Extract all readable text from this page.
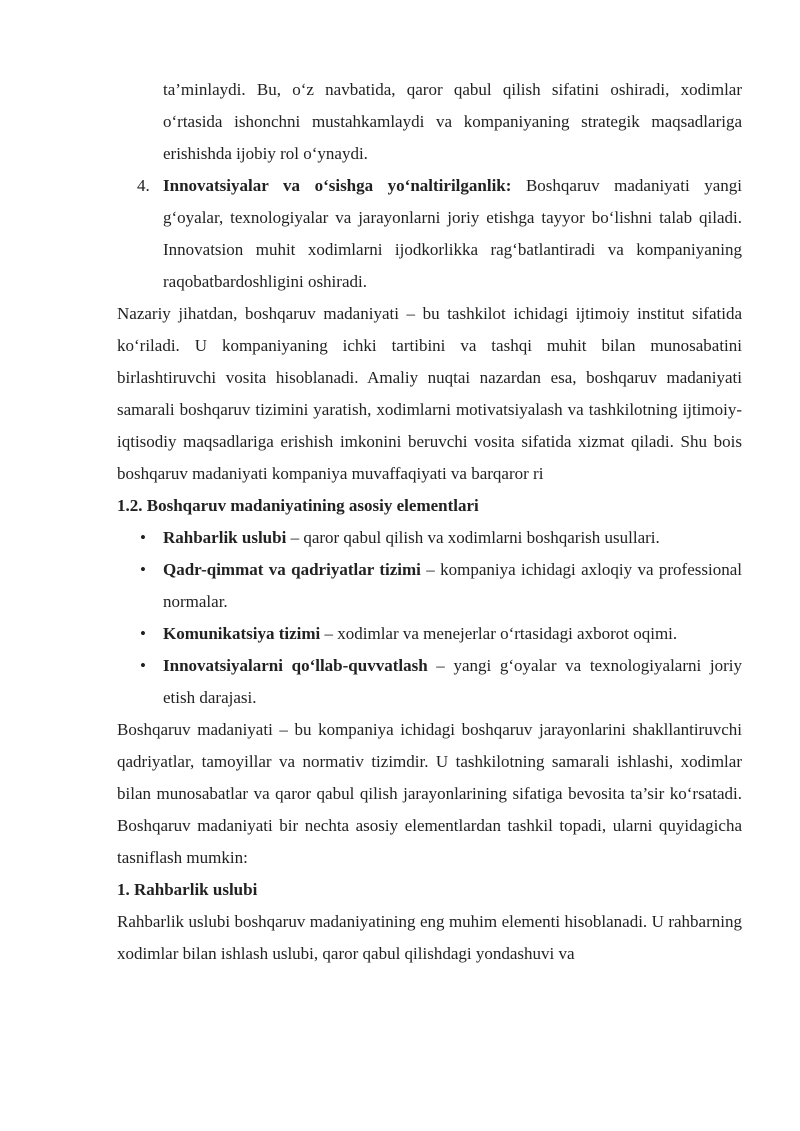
ta’minlaydi. Bu, o‘z navbatida, qaror qabul qilish sifatini oshiradi, xodimlar o‘rtasida ishonchni mustahkamlaydi va kompaniyaning strategik maqsadlariga erishishda ijobiy rol o‘ynaydi.

4. Innovatsiyalar va o‘sishga yo‘naltirilganlik: Boshqaruv madaniyati yangi g‘oyalar, texnologiyalar va jarayonlarni joriy etishga tayyor bo‘lishni talab qiladi. Innovatsion muhit xodimlarni ijodkorlikka rag‘batlantiradi va kompaniyaning raqobatbardoshligini oshiradi.

Nazariy jihatdan, boshqaruv madaniyati – bu tashkilot ichidagi ijtimoiy institut sifatida ko‘riladi. U kompaniyaning ichki tartibini va tashqi muhit bilan munosabatini birlashtiruvchi vosita hisoblanadi. Amaliy nuqtai nazardan esa, boshqaruv madaniyati samarali boshqaruv tizimini yaratish, xodimlarni motivatsiyalash va tashkilotning ijtimoiy-iqtisodiy maqsadlariga erishish imkonini beruvchi vosita sifatida xizmat qiladi. Shu bois boshqaruv madaniyati kompaniya muvaffaqiyati va barqaror ri

1.2. Boshqaruv madaniyatining asosiy elementlari
• Rahbarlik uslubi – qaror qabul qilish va xodimlarni boshqarish usullari.
• Qadr-qimmat va qadriyatlar tizimi – kompaniya ichidagi axloqiy va professional normalar.
• Komunikatsiya tizimi – xodimlar va menejerlar o‘rtasidagi axborot oqimi.
• Innovatsiyalarni qo‘llab-quvvatlash – yangi g‘oyalar va texnologiyalarni joriy etish darajasi.

Boshqaruv madaniyati – bu kompaniya ichidagi boshqaruv jarayonlarini shakllantiruvchi qadriyatlar, tamoyillar va normativ tizimdir. U tashkilotning samarali ishlashi, xodimlar bilan munosabatlar va qaror qabul qilish jarayonlarining sifatiga bevosita ta’sir ko‘rsatadi. Boshqaruv madaniyati bir nechta asosiy elementlardan tashkil topadi, ularni quyidagicha tasniflash mumkin:

1. Rahbarlik uslubi

Rahbarlik uslubi boshqaruv madaniyatining eng muhim elementi hisoblanadi. U rahbarning xodimlar bilan ishlash uslubi, qaror qabul qilishdagi yondashuvi va
